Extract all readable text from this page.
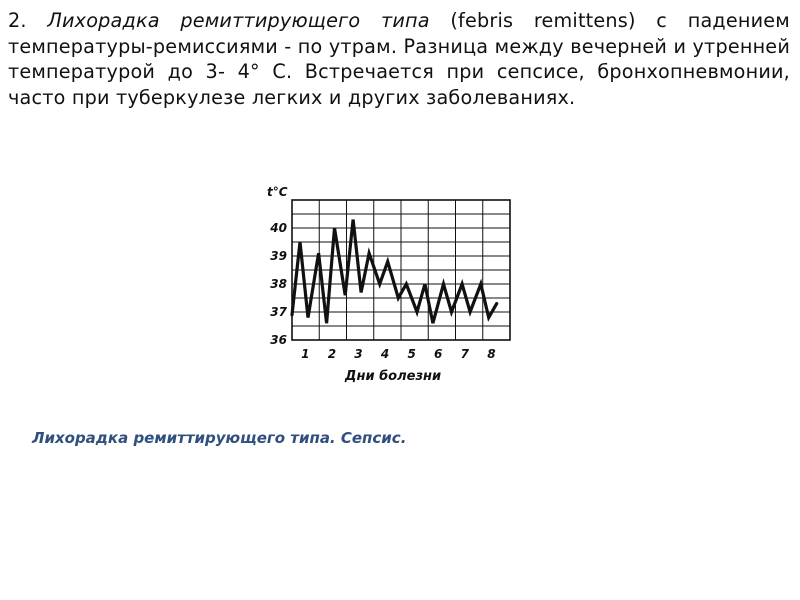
2. Лихорадка ремиттирующего типа (febris remittens) с падением температуры-ремиссиями - по утрам. Разница между вечерней и утренней температурой до 3- 4° С. Встречается при сепсисе, бронхопневмонии, часто при туберкулезе легких и других заболеваниях.
36
37
38
39
40
1 2 3 4 5 6 7 8
t°C
Дни болезни
Лихорадка ремиттирующего типа. Сепсис.
